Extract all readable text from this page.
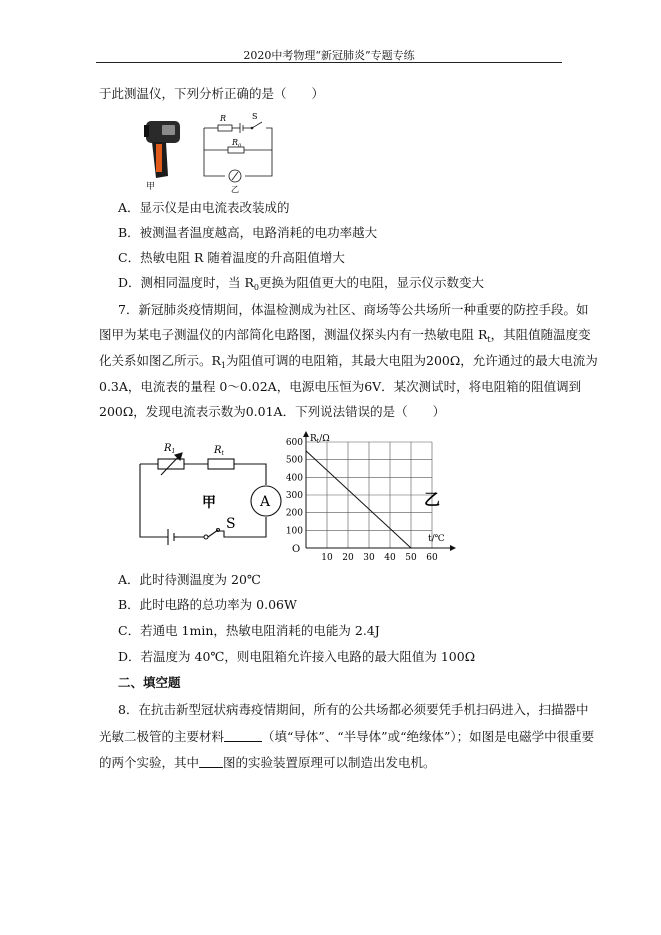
2020中考物理“新冠肺炎”专题专练
于此测温仪，下列分析正确的是（　　）
甲
R	S
$R_0$
乙
A．显示仪是由电流表改装成的
B．被测温者温度越高，电路消耗的电功率越大
C．热敏电阻 R 随着温度的升高阻值增大
D．测相同温度时，当 $R_0$更换为阻值更大的电阻，显示仪示数变大
7．新冠肺炎疫情期间，体温检测成为社区、商场等公共场所一种重要的防控手段。如
图甲为某电子测温仪的内部简化电路图，测温仪探头内有一热敏电阻 $R_t$，其阻值随温度变
化关系如图乙所示。$R_1$为阻值可调的电阻箱，其最大电阻为200Ω，允许通过的最大电流为
0.3A，电流表的量程 0～0.02A，电源电压恒为6V．某次测试时，将电阻箱的阻值调到
200Ω，发现电流表示数为0.01A．下列说法错误的是（　　）
$R_1$	$R_t$
甲	A
S
10 20 30 40 50 60
100
200
300
400
500
600 $R_t/\Omega$
t/℃
O
乙
A．此时待测温度为 20℃
B．此时电路的总功率为 0.06W
C．若通电 1min，热敏电阻消耗的电能为 2.4J
D．若温度为 40℃，则电阻箱允许接入电路的最大阻值为 100Ω
二、填空题
8．在抗击新型冠状病毒疫情期间，所有的公共场都必须要凭手机扫码进入，扫描器中
光敏二极管的主要材料	（填“导体”、“半导体”或“绝缘体”）；如图是电磁学中很重要
的两个实验，其中 图的实验装置原理可以制造出发电机。
